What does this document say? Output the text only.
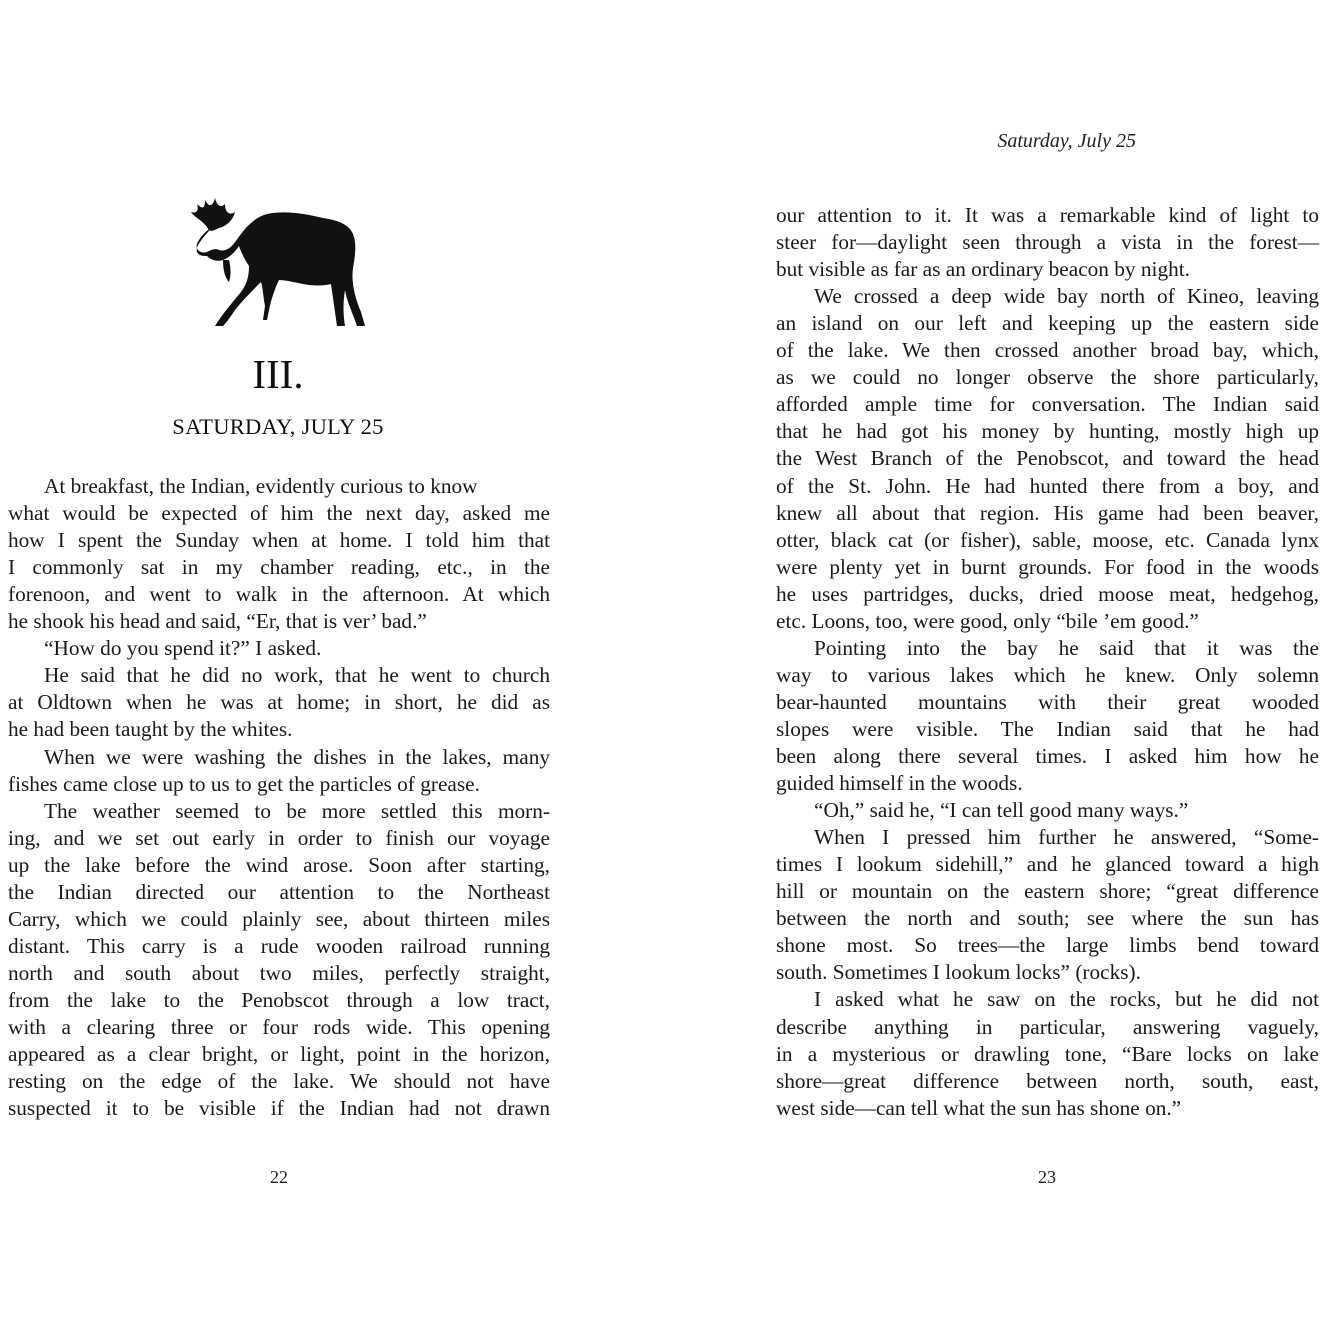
III.
SATURDAY, JULY 25
At breakfast, the Indian, evidently curious to know
what would be expected of him the next day, asked me
how I spent the Sunday when at home. I told him that
I commonly sat in my chamber reading, etc., in the
forenoon, and went to walk in the afternoon. At which
he shook his head and said, “Er, that is ver’ bad.”
“How do you spend it?” I asked.
He said that he did no work, that he went to church
at Oldtown when he was at home; in short, he did as
he had been taught by the whites.
When we were washing the dishes in the lakes, many
fishes came close up to us to get the particles of grease.
The weather seemed to be more settled this morn-
ing, and we set out early in order to finish our voyage
up the lake before the wind arose. Soon after starting,
the Indian directed our attention to the Northeast
Carry, which we could plainly see, about thirteen miles
distant. This carry is a rude wooden railroad running
north and south about two miles, perfectly straight,
from the lake to the Penobscot through a low tract,
with a clearing three or four rods wide. This opening
appeared as a clear bright, or light, point in the horizon,
resting on the edge of the lake. We should not have
suspected it to be visible if the Indian had not drawn
22
Saturday, July 25
our attention to it. It was a remarkable kind of light to
steer for—daylight seen through a vista in the forest—
but visible as far as an ordinary beacon by night.
We crossed a deep wide bay north of Kineo, leaving
an island on our left and keeping up the eastern side
of the lake. We then crossed another broad bay, which,
as we could no longer observe the shore particularly,
afforded ample time for conversation. The Indian said
that he had got his money by hunting, mostly high up
the West Branch of the Penobscot, and toward the head
of the St. John. He had hunted there from a boy, and
knew all about that region. His game had been beaver,
otter, black cat (or fisher), sable, moose, etc. Canada lynx
were plenty yet in burnt grounds. For food in the woods
he uses partridges, ducks, dried moose meat, hedgehog,
etc. Loons, too, were good, only “bile ’em good.”
Pointing into the bay he said that it was the
way to various lakes which he knew. Only solemn
bear-haunted mountains with their great wooded
slopes were visible. The Indian said that he had
been along there several times. I asked him how he
guided himself in the woods.
“Oh,” said he, “I can tell good many ways.”
When I pressed him further he answered, “Some-
times I lookum sidehill,” and he glanced toward a high
hill or mountain on the eastern shore; “great difference
between the north and south; see where the sun has
shone most. So trees—the large limbs bend toward
south. Sometimes I lookum locks” (rocks).
I asked what he saw on the rocks, but he did not
describe anything in particular, answering vaguely,
in a mysterious or drawling tone, “Bare locks on lake
shore—great difference between north, south, east,
west side—can tell what the sun has shone on.”
23
